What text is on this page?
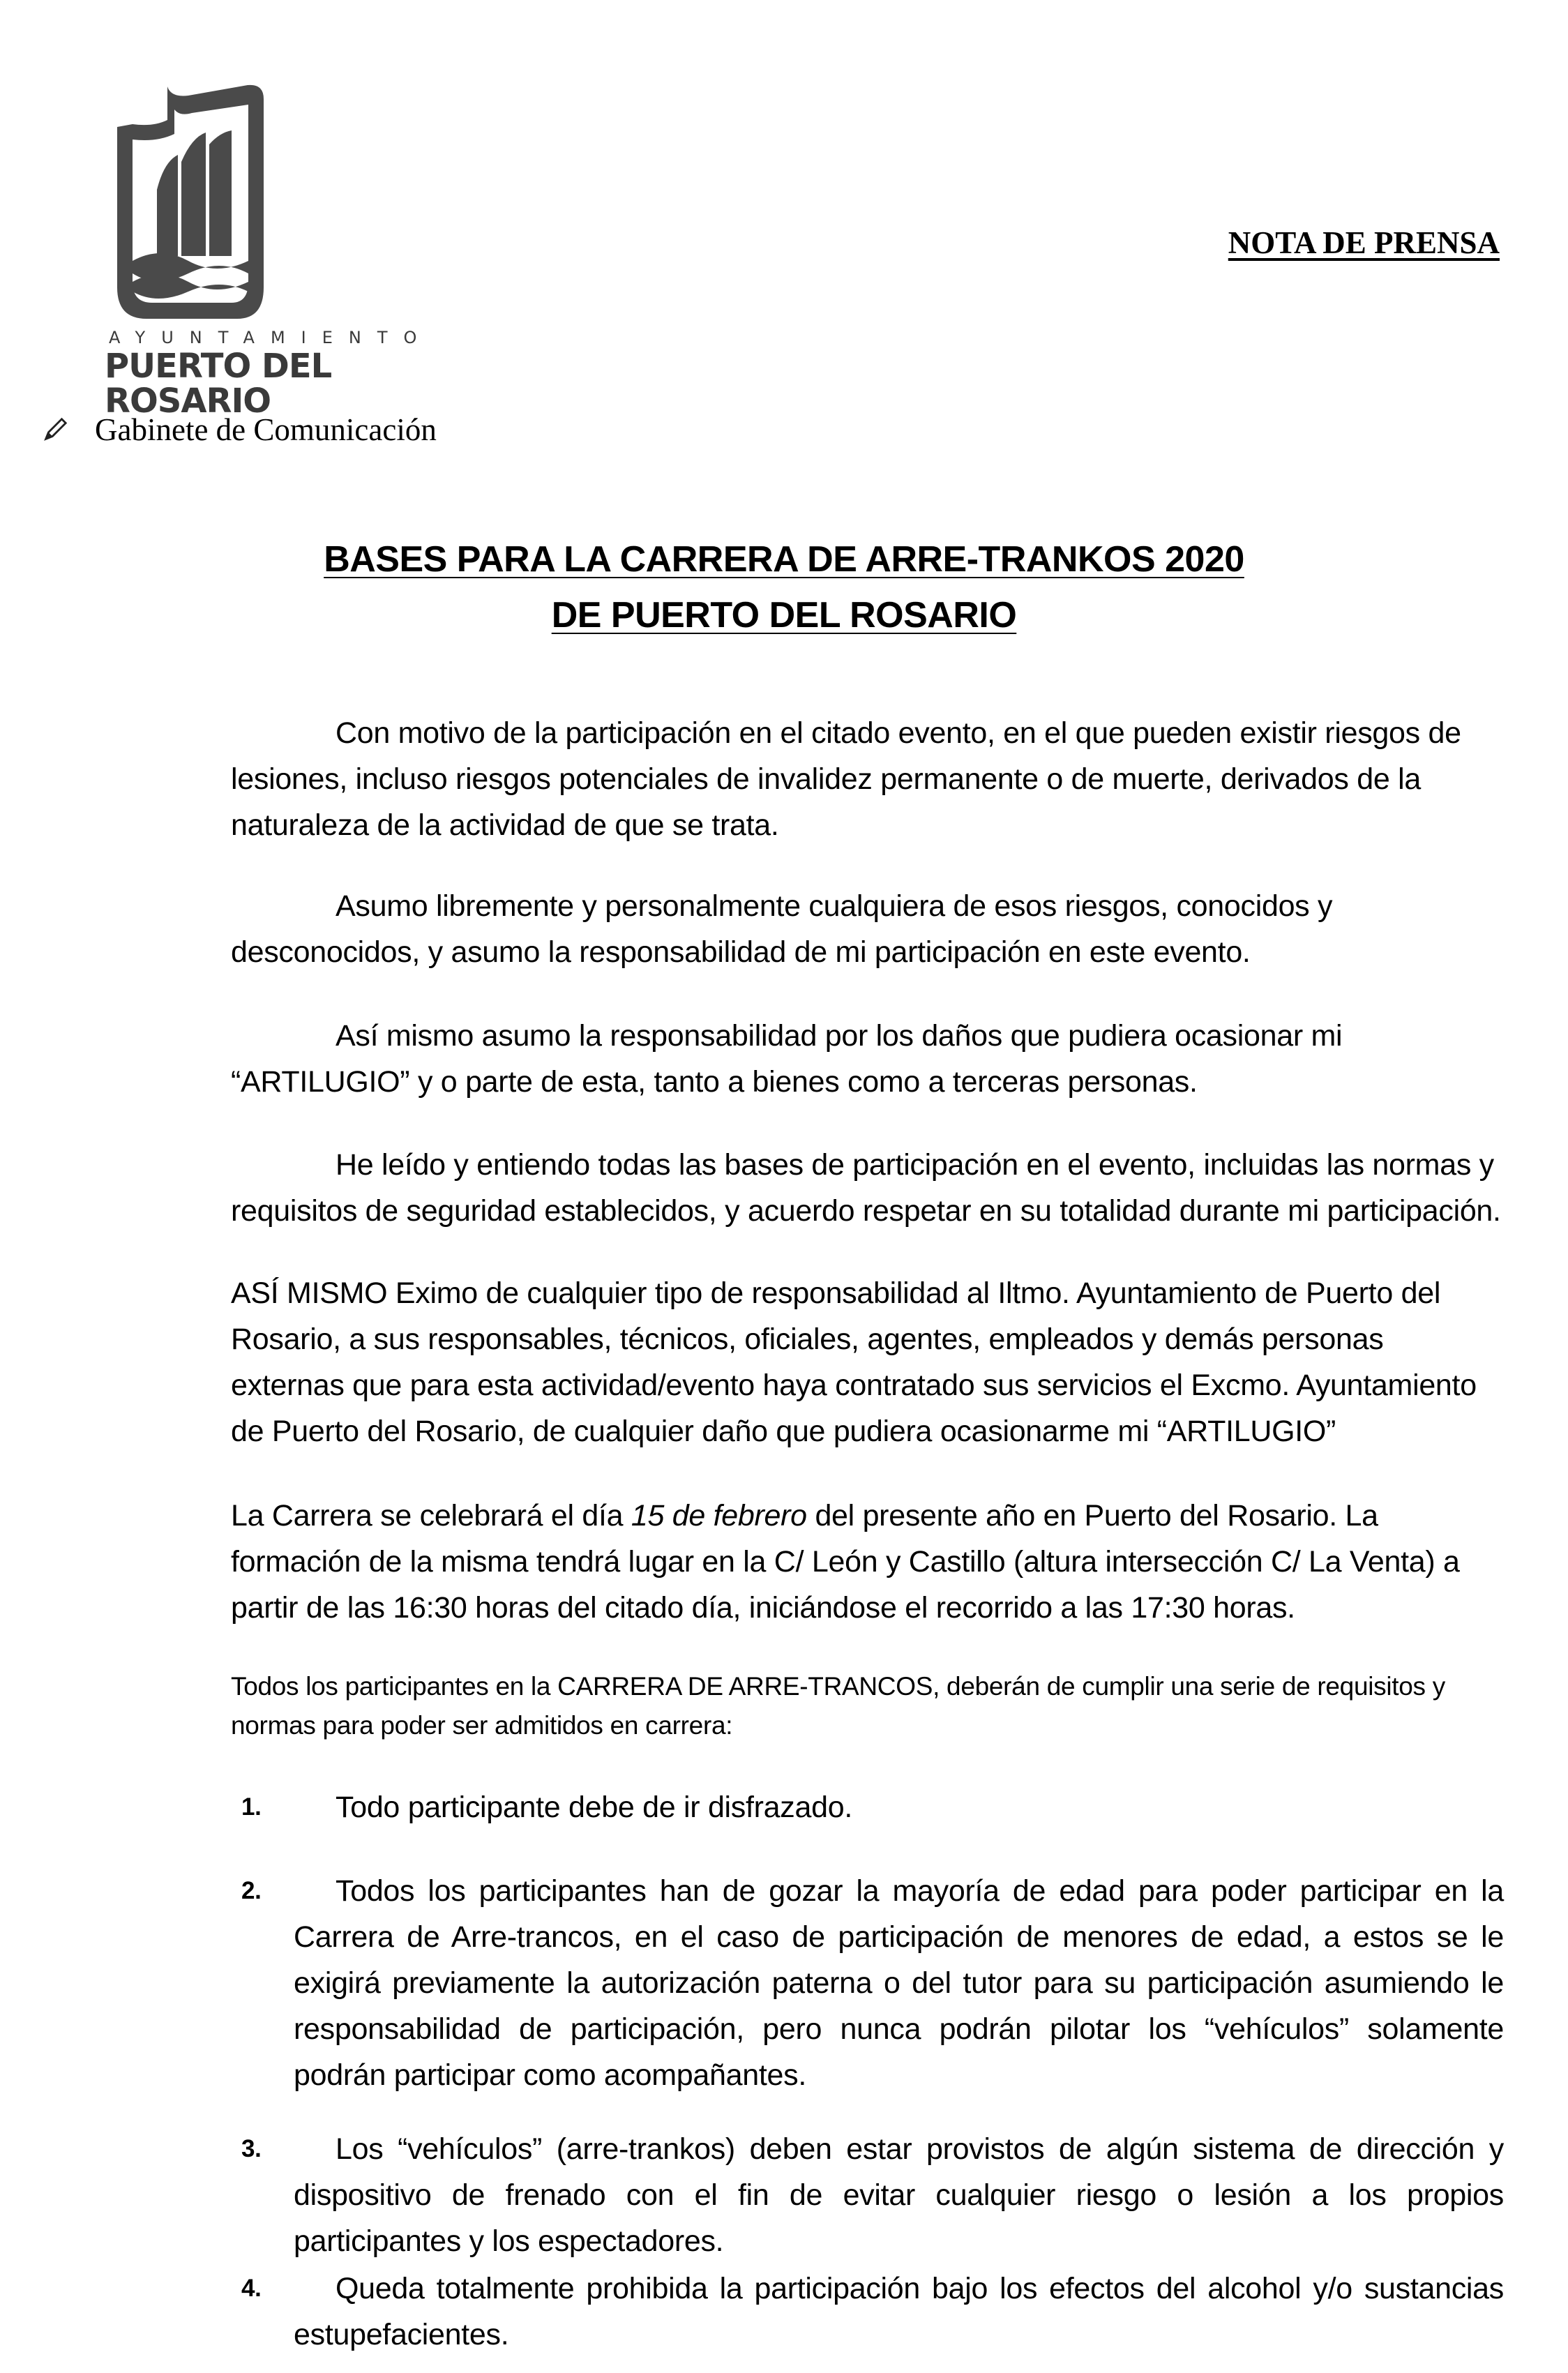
AYUNTAMIENTO
PUERTO DEL ROSARIO
NOTA DE PRENSA
Gabinete de Comunicación
BASES PARA LA CARRERA DE ARRE-TRANKOS 2020
DE PUERTO DEL ROSARIO
Con motivo de la participación en el citado evento, en el que pueden existir riesgos de lesiones, incluso riesgos potenciales de invalidez permanente o de muerte, derivados de la naturaleza de la actividad de que se trata.
Asumo libremente y personalmente cualquiera de esos riesgos, conocidos y desconocidos, y asumo la responsabilidad de mi participación en este evento.
Así mismo asumo la responsabilidad por los daños que pudiera ocasionar mi “ARTILUGIO” y o parte de esta, tanto a bienes como a terceras personas.
He leído y entiendo todas las bases de participación en el evento, incluidas las normas y requisitos de seguridad establecidos, y acuerdo respetar en su totalidad durante mi participación.
ASÍ MISMO Eximo de cualquier tipo de responsabilidad al Iltmo. Ayuntamiento de Puerto del Rosario, a sus responsables, técnicos, oficiales, agentes, empleados y demás personas externas que para esta actividad/evento haya contratado sus servicios el Excmo. Ayuntamiento de Puerto del Rosario, de cualquier daño que pudiera ocasionarme mi “ARTILUGIO”
La Carrera se celebrará el día 15 de febrero del presente año en Puerto del Rosario. La formación de la misma tendrá lugar en la C/ León y Castillo (altura intersección C/ La Venta) a partir de las 16:30 horas del citado día, iniciándose el recorrido a las 17:30 horas.
Todos los participantes en la CARRERA DE ARRE-TRANCOS, deberán de cumplir una serie de requisitos y normas para poder ser admitidos en carrera:
1.	Todo participante debe de ir disfrazado.
2.	Todos los participantes han de gozar la mayoría de edad para poder participar en la Carrera de Arre-trancos, en el caso de participación de menores de edad, a estos se le exigirá previamente la autorización paterna o del tutor para su participación asumiendo le responsabilidad de participación, pero nunca podrán pilotar los “vehículos” solamente podrán participar como acompañantes.
3.	Los “vehículos” (arre-trankos) deben estar provistos de algún sistema de dirección y dispositivo de frenado con el fin de evitar cualquier riesgo o lesión a los propios participantes y los espectadores.
4.	Queda totalmente prohibida la participación bajo los efectos del alcohol y/o sustancias estupefacientes.
